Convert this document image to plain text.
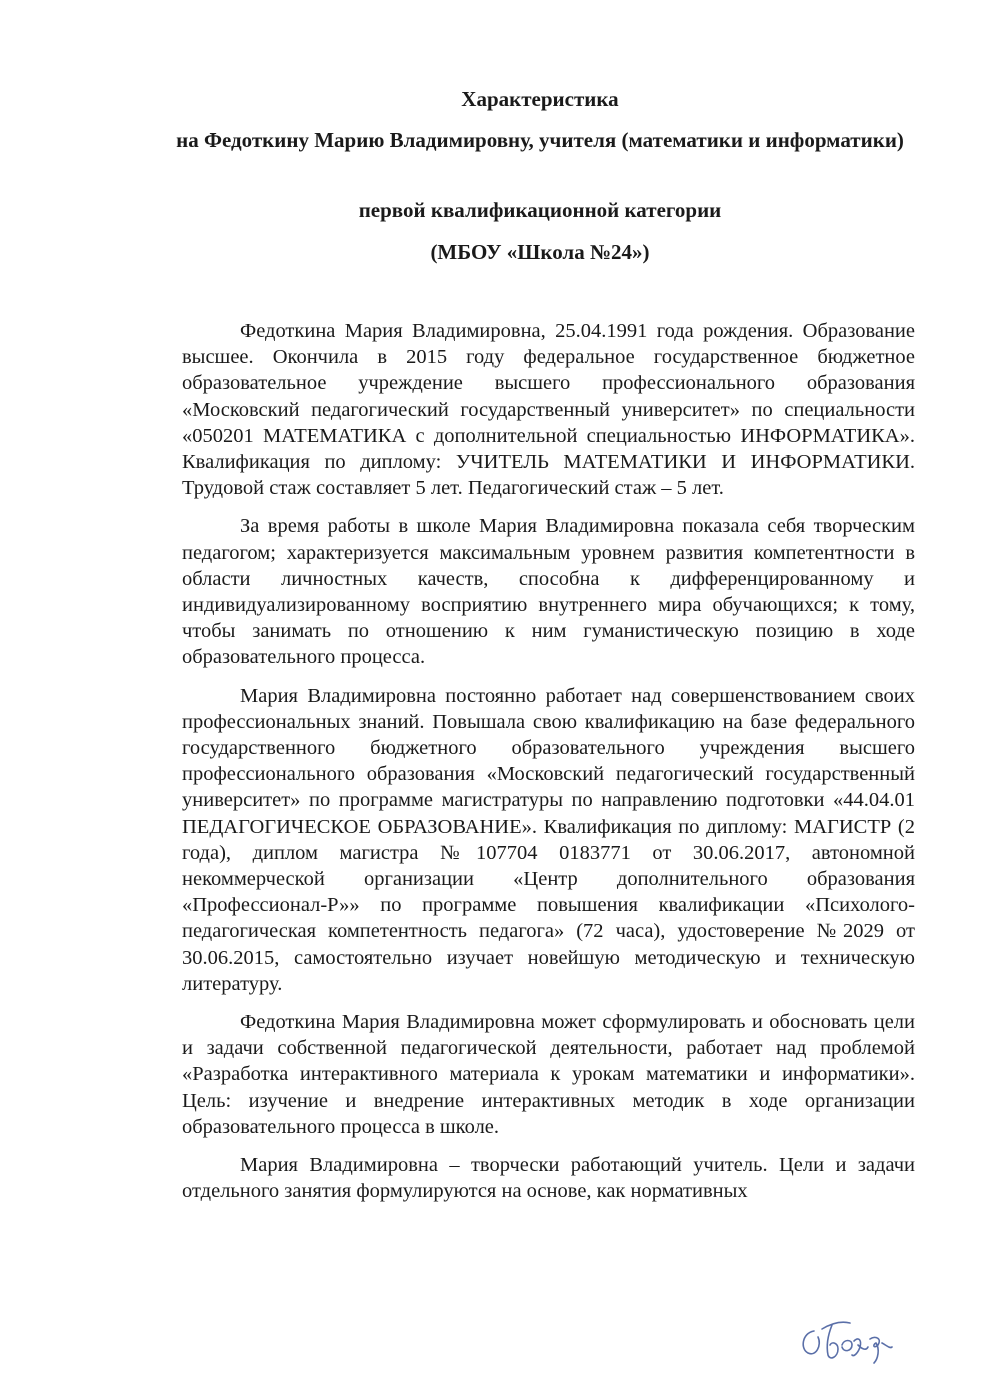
Характеристика
на Федоткину Марию Владимировну, учителя (математики и информатики)
первой квалификационной категории
(МБОУ «Школа №24»)

Федоткина Мария Владимировна, 25.04.1991 года рождения. Образование высшее. Окончила в 2015 году федеральное государственное бюджетное образовательное учреждение высшего профессионального образования «Московский педагогический государственный университет» по специальности «050201 МАТЕМАТИКА с дополнительной специальностью ИНФОРМАТИКА». Квалификация по диплому: УЧИТЕЛЬ МАТЕМАТИКИ И ИНФОРМАТИКИ. Трудовой стаж составляет 5 лет. Педагогический стаж – 5 лет.

За время работы в школе Мария Владимировна показала себя творческим педагогом; характеризуется максимальным уровнем развития компетентности в области личностных качеств, способна к дифференцированному и индивидуализированному восприятию внутреннего мира обучающихся; к тому, чтобы занимать по отношению к ним гуманистическую позицию в ходе образовательного процесса.

Мария Владимировна постоянно работает над совершенствованием своих профессиональных знаний. Повышала свою квалификацию на базе федерального государственного бюджетного образовательного учреждения высшего профессионального образования «Московский педагогический государственный университет» по программе магистратуры по направлению подготовки «44.04.01 ПЕДАГОГИЧЕСКОЕ ОБРАЗОВАНИЕ». Квалификация по диплому: МАГИСТР (2 года), диплом магистра №107704 0183771 от 30.06.2017, автономной некоммерческой организации «Центр дополнительного образования «Профессионал-Р»» по программе повышения квалификации «Психолого-педагогическая компетентность педагога» (72 часа), удостоверение №2029 от 30.06.2015, самостоятельно изучает новейшую методическую и техническую литературу.

Федоткина Мария Владимировна может сформулировать и обосновать цели и задачи собственной педагогической деятельности, работает над проблемой «Разработка интерактивного материала к урокам математики и информатики». Цель: изучение и внедрение интерактивных методик в ходе организации образовательного процесса в школе.

Мария Владимировна – творчески работающий учитель. Цели и задачи отдельного занятия формулируются на основе, как нормативных
